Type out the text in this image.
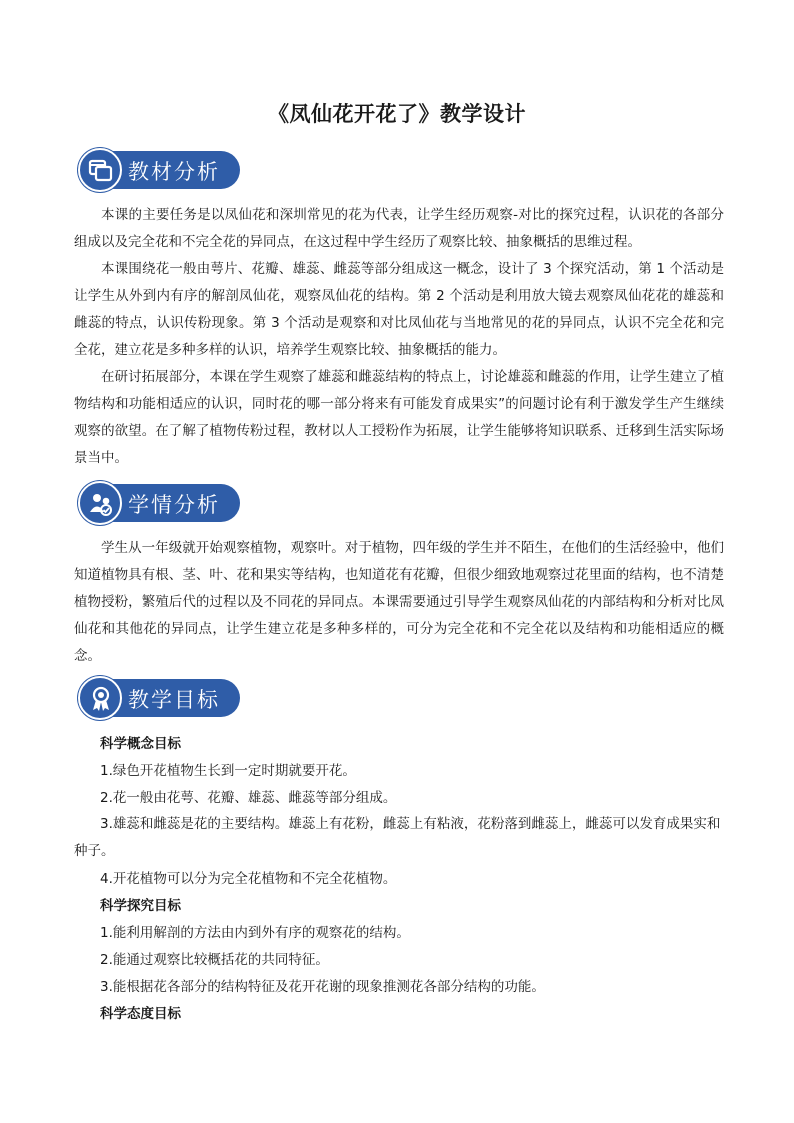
《凤仙花开花了》教学设计
教材分析

本课的主要任务是以凤仙花和深圳常见的花为代表，让学生经历观察-对比的探究过程，认识花的各部分组成以及完全花和不完全花的异同点，在这过程中学生经历了观察比较、抽象概括的思维过程。

本课围绕花一般由萼片、花瓣、雄蕊、雌蕊等部分组成这一概念，设计了 3 个探究活动，第 1 个活动是让学生从外到内有序的解剖凤仙花，观察凤仙花的结构。第 2 个活动是利用放大镜去观察凤仙花花的雄蕊和雌蕊的特点，认识传粉现象。第 3 个活动是观察和对比凤仙花与当地常见的花的异同点，认识不完全花和完全花，建立花是多种多样的认识，培养学生观察比较、抽象概括的能力。

在研讨拓展部分，本课在学生观察了雄蕊和雌蕊结构的特点上，讨论雄蕊和雌蕊的作用，让学生建立了植物结构和功能相适应的认识，同时花的哪一部分将来有可能发育成果实”的问题讨论有利于激发学生产生继续观察的欲望。在了解了植物传粉过程，教材以人工授粉作为拓展，让学生能够将知识联系、迁移到生活实际场景当中。

学情分析

学生从一年级就开始观察植物，观察叶。对于植物，四年级的学生并不陌生，在他们的生活经验中，他们知道植物具有根、茎、叶、花和果实等结构，也知道花有花瓣，但很少细致地观察过花里面的结构，也不清楚植物授粉，繁殖后代的过程以及不同花的异同点。本课需要通过引导学生观察凤仙花的内部结构和分析对比凤仙花和其他花的异同点，让学生建立花是多种多样的，可分为完全花和不完全花以及结构和功能相适应的概念。

教学目标
科学概念目标
1.绿色开花植物生长到一定时期就要开花。
2.花一般由花萼、花瓣、雄蕊、雌蕊等部分组成。

3.雄蕊和雌蕊是花的主要结构。雄蕊上有花粉，雌蕊上有粘液，花粉落到雌蕊上，雌蕊可以发育成果实和种子。

4.开花植物可以分为完全花植物和不完全花植物。
科学探究目标
1.能利用解剖的方法由内到外有序的观察花的结构。
2.能通过观察比较概括花的共同特征。
3.能根据花各部分的结构特征及花开花谢的现象推测花各部分结构的功能。
科学态度目标
